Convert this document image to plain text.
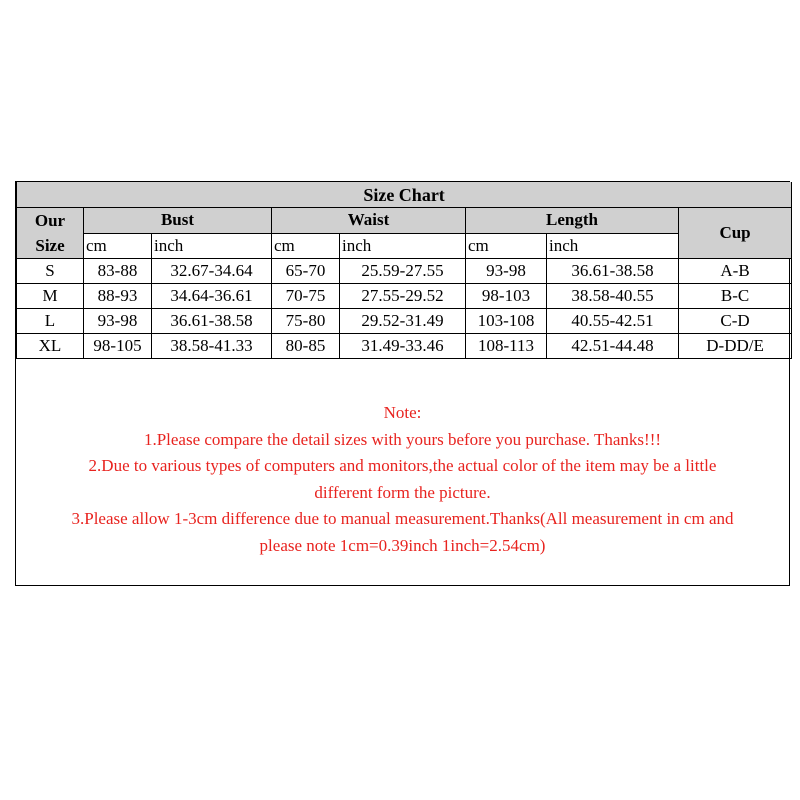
Size Chart							
Our
Size	Bust		Waist		Length		Cup
	cm	inch	cm	inch	cm	inch	
S	83-88	32.67-34.64	65-70	25.59-27.55	93-98	36.61-38.58	A-B
M	88-93	34.64-36.61	70-75	27.55-29.52	98-103	38.58-40.55	B-C
L	93-98	36.61-38.58	75-80	29.52-31.49	103-108	40.55-42.51	C-D
XL	98-105	38.58-41.33	80-85	31.49-33.46	108-113	42.51-44.48	D-DD/E
Note:
1.Please compare the detail sizes with yours before you purchase. Thanks!!!
2.Due to various types of computers and monitors,the actual color of the item may be a little
different form the picture.
3.Please allow 1-3cm difference due to manual measurement.Thanks(All measurement in cm and
please note 1cm=0.39inch 1inch=2.54cm)
